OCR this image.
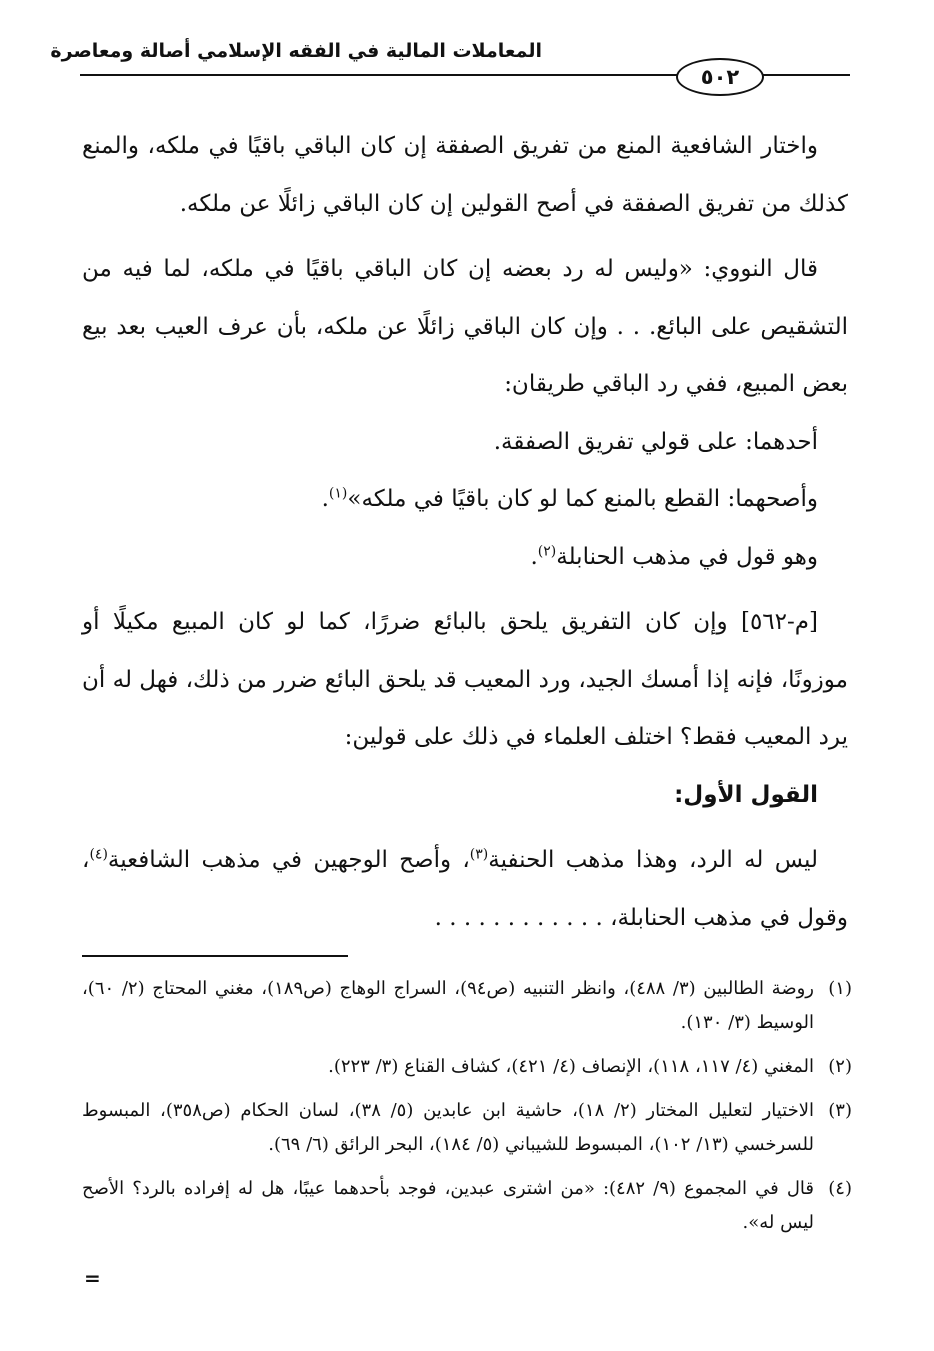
المعاملات المالية في الفقه الإسلامي أصالة ومعاصرة
٥٠٢

واختار الشافعية المنع من تفريق الصفقة إن كان الباقي باقيًا في ملكه، والمنع كذلك من تفريق الصفقة في أصح القولين إن كان الباقي زائلًا عن ملكه.

قال النووي: «وليس له رد بعضه إن كان الباقي باقيًا في ملكه، لما فيه من التشقيص على البائع. . . وإن كان الباقي زائلًا عن ملكه، بأن عرف العيب بعد بيع بعض المبيع، ففي رد الباقي طريقان:

أحدهما: على قولي تفريق الصفقة.

وأصحهما: القطع بالمنع كما لو كان باقيًا في ملكه»$^{(١)}$.

وهو قول في مذهب الحنابلة$^{(٢)}$.

[م-٥٦٢] وإن كان التفريق يلحق بالبائع ضررًا، كما لو كان المبيع مكيلًا أو موزونًا، فإنه إذا أمسك الجيد، ورد المعيب قد يلحق البائع ضرر من ذلك، فهل له أن يرد المعيب فقط؟ اختلف العلماء في ذلك على قولين:

القول الأول:

ليس له الرد، وهذا مذهب الحنفية$^{(٣)}$، وأصح الوجهين في مذهب الشافعية$^{(٤)}$، وقول في مذهب الحنابلة، . . . . . . . . . . . .

(١)
روضة الطالبين (٣/ ٤٨٨)، وانظر التنبيه (ص٩٤)، السراج الوهاج (ص١٨٩)، مغني المحتاج (٢/ ٦٠)، الوسيط (٣/ ١٣٠).
(٢)
المغني (٤/ ١١٧، ١١٨)، الإنصاف (٤/ ٤٢١)، كشاف القناع (٣/ ٢٢٣).
(٣)
الاختيار لتعليل المختار (٢/ ١٨)، حاشية ابن عابدين (٥/ ٣٨)، لسان الحكام (ص٣٥٨)، المبسوط للسرخسي (١٣/ ١٠٢)، المبسوط للشيباني (٥/ ١٨٤)، البحر الرائق (٦/ ٦٩).
(٤)
قال في المجموع (٩/ ٤٨٢): «من اشترى عبدين، فوجد بأحدهما عيبًا، هل له إفراده بالرد؟ الأصح ليس له».
=
